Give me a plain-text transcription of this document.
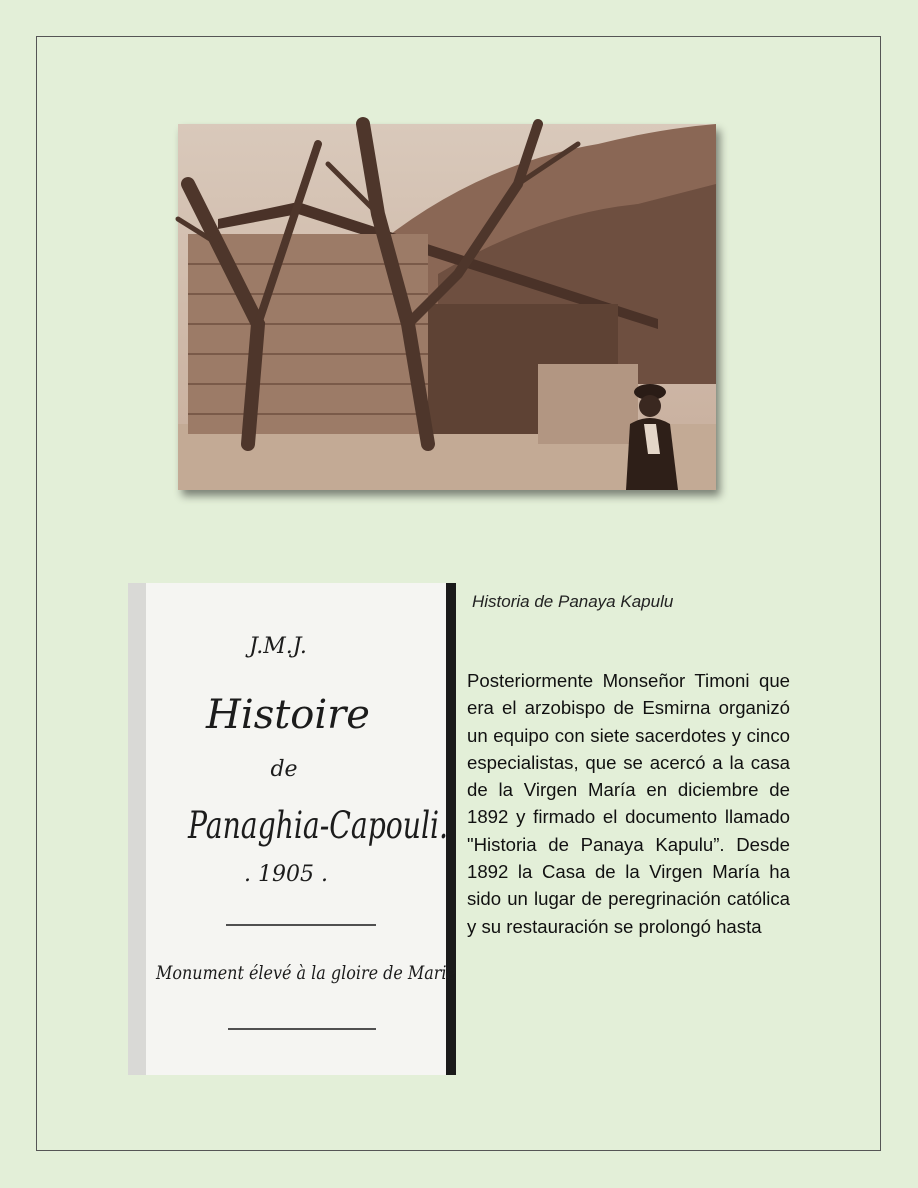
J.M.J.
Histoire
de
Panaghia-Capouli.
. 1905 .
Monument élevé à la gloire de Marie
Historia de Panaya Kapulu
Posteriormente Monseñor Timoni que era el arzobispo de Esmirna organizó un equipo con siete sacerdotes y cinco especialistas, que se acercó a la casa de la Virgen María en diciembre de 1892 y firmado el documento llamado "Historia de Panaya Kapulu”. Desde 1892 la Casa de la Virgen María ha sido un lugar de peregrinación católica y su restauración se prolongó hasta
